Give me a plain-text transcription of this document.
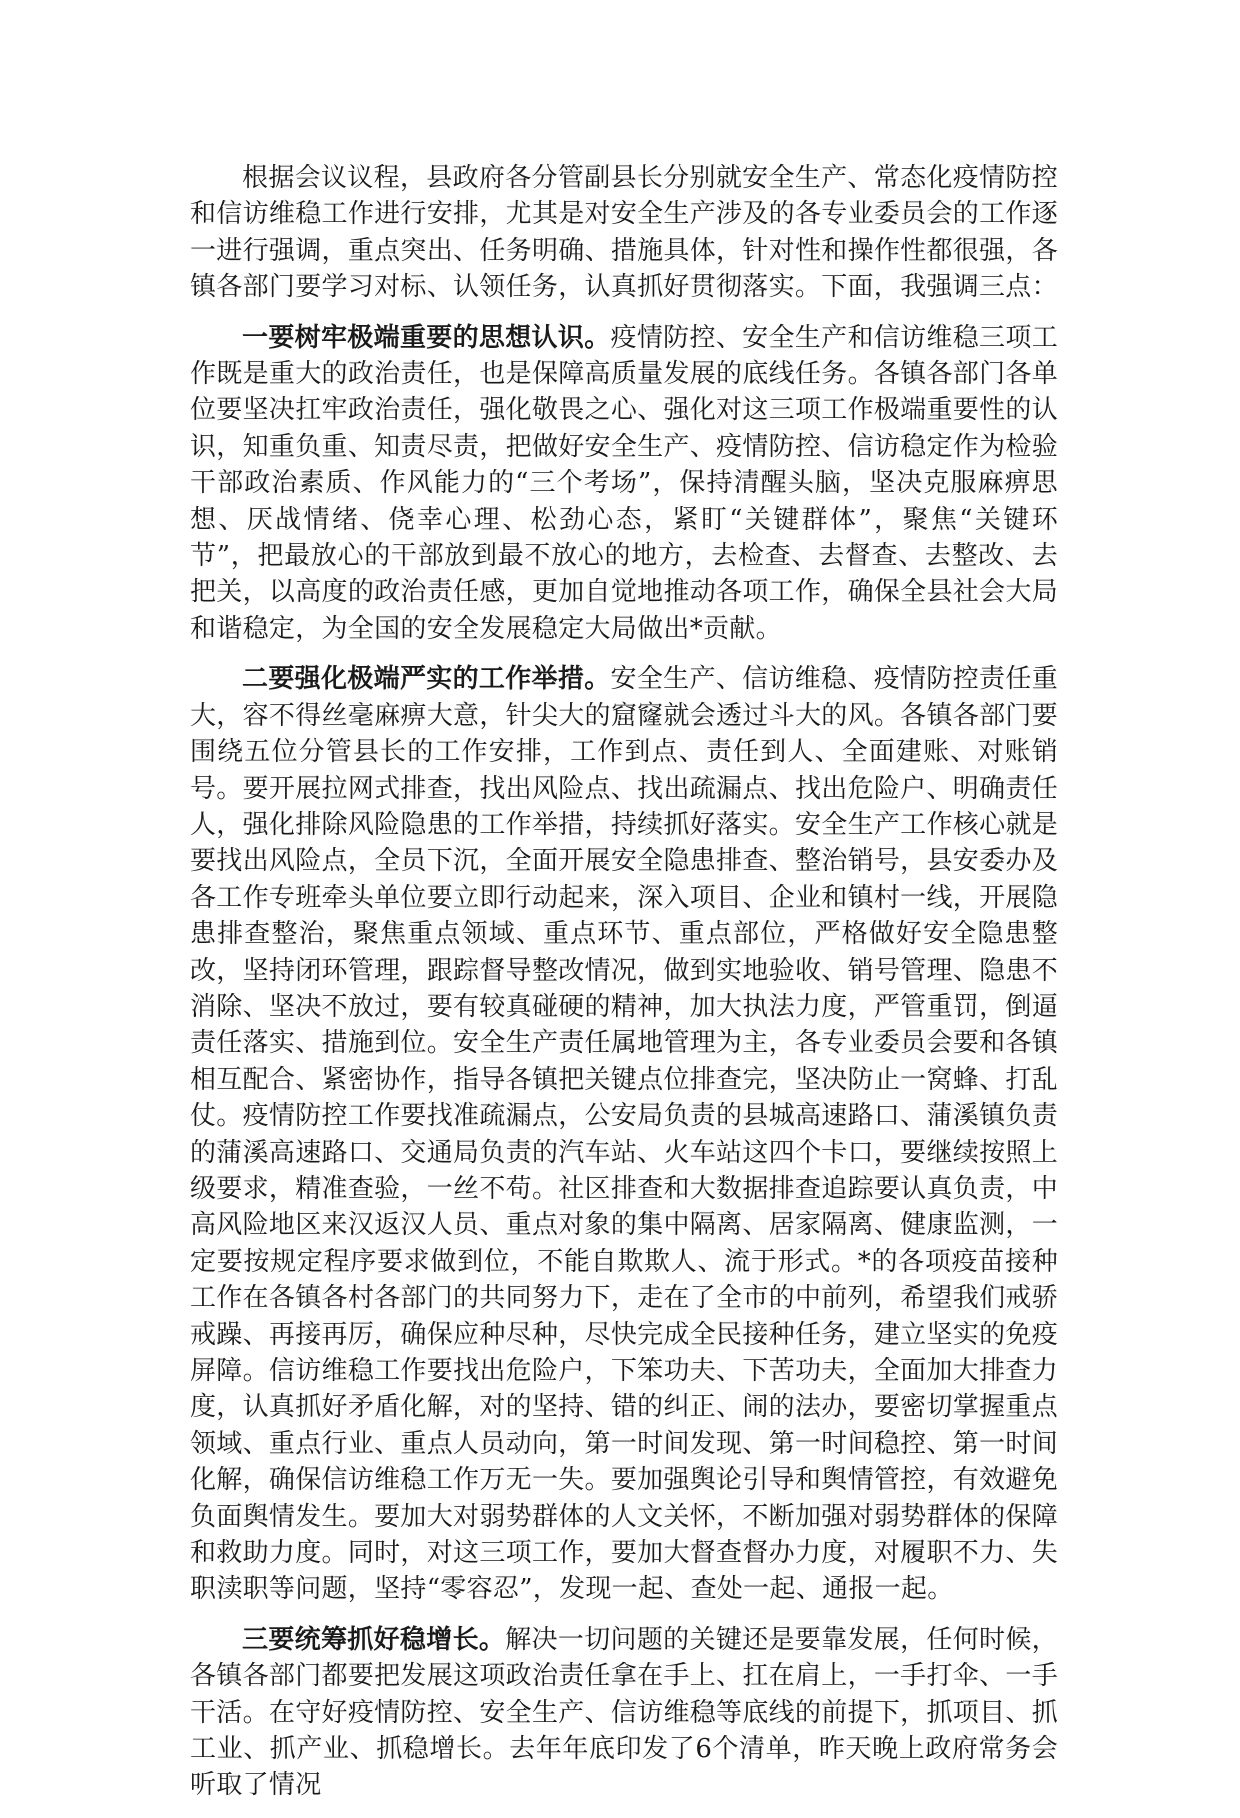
根据会议议程，县政府各分管副县长分别就安全生产、常态化疫情防控和信访维稳工作进行安排，尤其是对安全生产涉及的各专业委员会的工作逐一进行强调，重点突出、任务明确、措施具体，针对性和操作性都很强，各镇各部门要学习对标、认领任务，认真抓好贯彻落实。下面，我强调三点：

一要树牢极端重要的思想认识。疫情防控、安全生产和信访维稳三项工作既是重大的政治责任，也是保障高质量发展的底线任务。各镇各部门各单位要坚决扛牢政治责任，强化敬畏之心、强化对这三项工作极端重要性的认识，知重负重、知责尽责，把做好安全生产、疫情防控、信访稳定作为检验干部政治素质、作风能力的“三个考场”，保持清醒头脑，坚决克服麻痹思想、厌战情绪、侥幸心理、松劲心态，紧盯“关键群体”，聚焦“关键环节”，把最放心的干部放到最不放心的地方，去检查、去督查、去整改、去把关，以高度的政治责任感，更加自觉地推动各项工作，确保全县社会大局和谐稳定，为全国的安全发展稳定大局做出*贡献。

二要强化极端严实的工作举措。安全生产、信访维稳、疫情防控责任重大，容不得丝毫麻痹大意，针尖大的窟窿就会透过斗大的风。各镇各部门要围绕五位分管县长的工作安排，工作到点、责任到人、全面建账、对账销号。要开展拉网式排查，找出风险点、找出疏漏点、找出危险户、明确责任人，强化排除风险隐患的工作举措，持续抓好落实。安全生产工作核心就是要找出风险点，全员下沉，全面开展安全隐患排查、整治销号，县安委办及各工作专班牵头单位要立即行动起来，深入项目、企业和镇村一线，开展隐患排查整治，聚焦重点领域、重点环节、重点部位，严格做好安全隐患整改，坚持闭环管理，跟踪督导整改情况，做到实地验收、销号管理、隐患不消除、坚决不放过，要有较真碰硬的精神，加大执法力度，严管重罚，倒逼责任落实、措施到位。安全生产责任属地管理为主，各专业委员会要和各镇相互配合、紧密协作，指导各镇把关键点位排查完，坚决防止一窝蜂、打乱仗。疫情防控工作要找准疏漏点，公安局负责的县城高速路口、蒲溪镇负责的蒲溪高速路口、交通局负责的汽车站、火车站这四个卡口，要继续按照上级要求，精准查验，一丝不苟。社区排查和大数据排查追踪要认真负责，中高风险地区来汉返汉人员、重点对象的集中隔离、居家隔离、健康监测，一定要按规定程序要求做到位，不能自欺欺人、流于形式。*的各项疫苗接种工作在各镇各村各部门的共同努力下，走在了全市的中前列，希望我们戒骄戒躁、再接再厉，确保应种尽种，尽快完成全民接种任务，建立坚实的免疫屏障。信访维稳工作要找出危险户，下笨功夫、下苦功夫，全面加大排查力度，认真抓好矛盾化解，对的坚持、错的纠正、闹的法办，要密切掌握重点领域、重点行业、重点人员动向，第一时间发现、第一时间稳控、第一时间化解，确保信访维稳工作万无一失。要加强舆论引导和舆情管控，有效避免负面舆情发生。要加大对弱势群体的人文关怀，不断加强对弱势群体的保障和救助力度。同时，对这三项工作，要加大督查督办力度，对履职不力、失职渎职等问题，坚持“零容忍”，发现一起、查处一起、通报一起。

三要统筹抓好稳增长。解决一切问题的关键还是要靠发展，任何时候，各镇各部门都要把发展这项政治责任拿在手上、扛在肩上，一手打伞、一手干活。在守好疫情防控、安全生产、信访维稳等底线的前提下，抓项目、抓工业、抓产业、抓稳增长。去年年底印发了6个清单，昨天晚上政府常务会听取了情况
